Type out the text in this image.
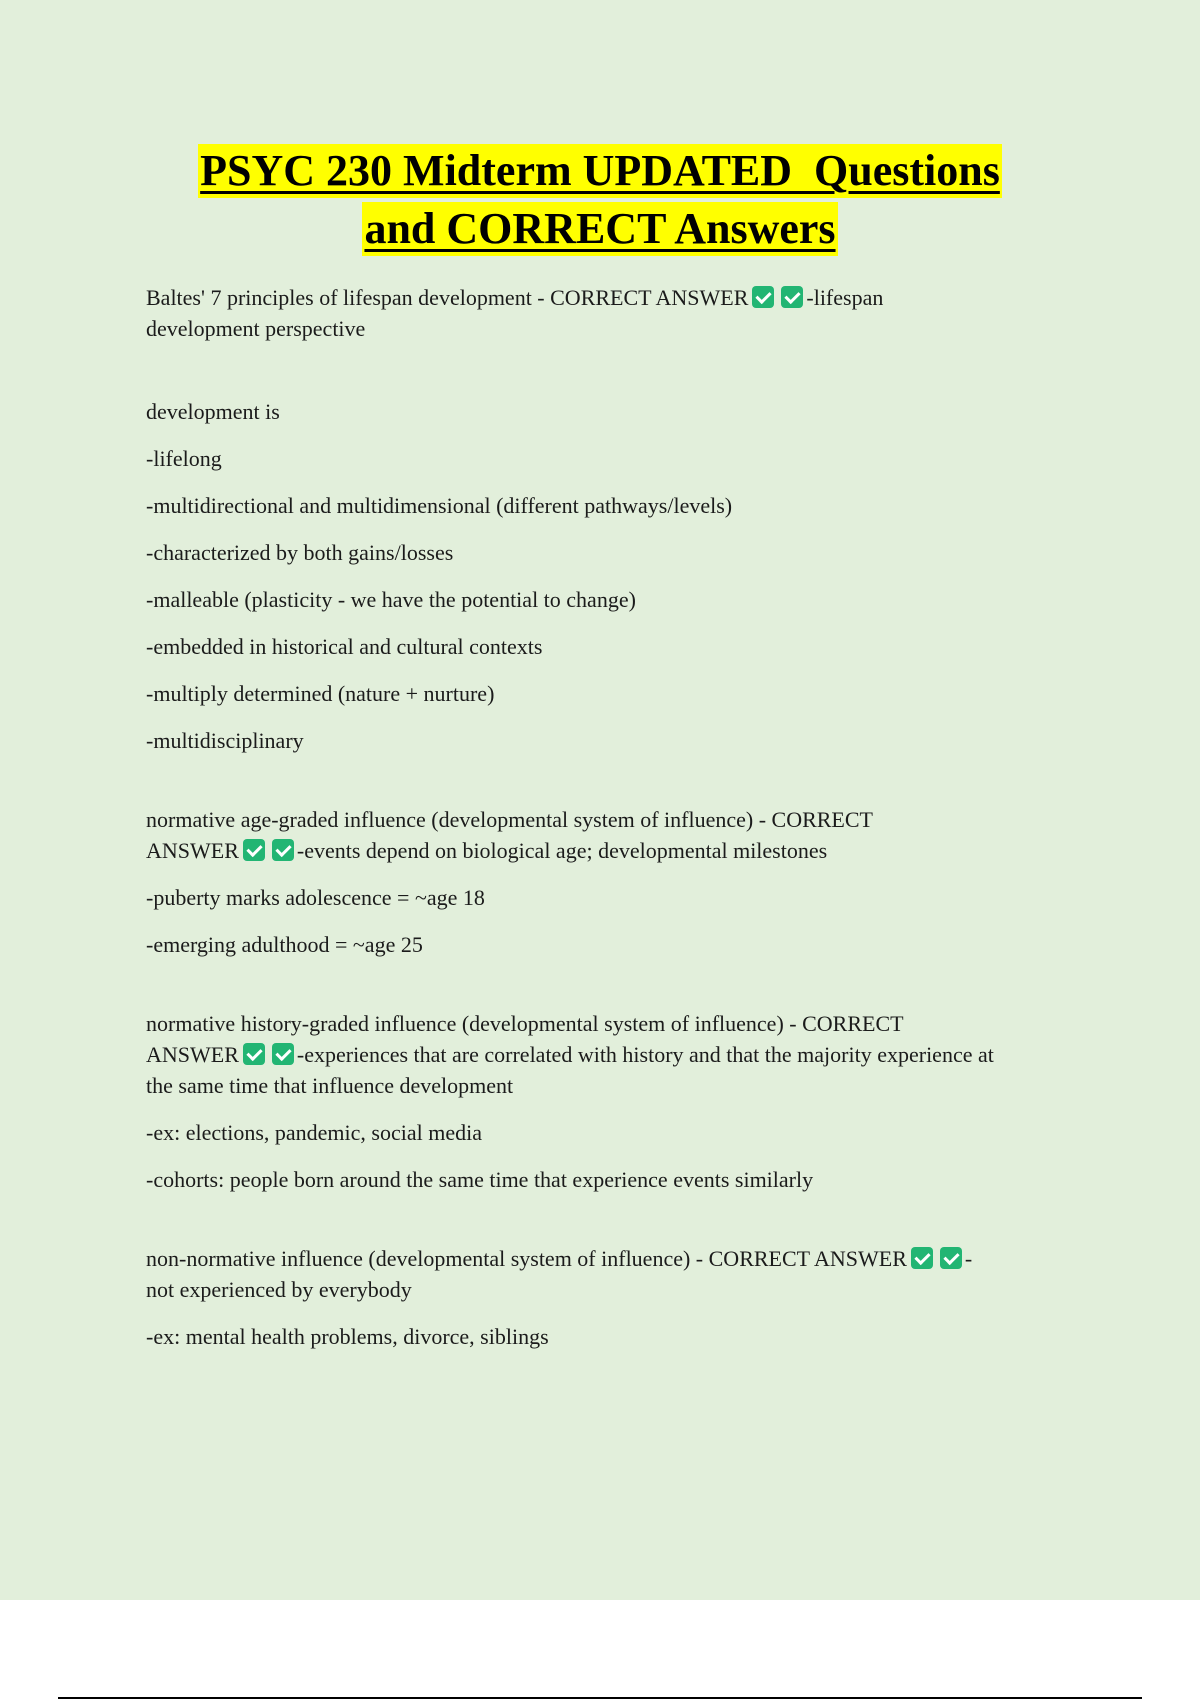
PSYC 230 Midterm UPDATED  Questions
and CORRECT Answers

Baltes' 7 principles of lifespan development - CORRECT ANSWER	-lifespan

development perspective

development is

-lifelong

-multidirectional and multidimensional (different pathways/levels)

-characterized by both gains/losses

-malleable (plasticity - we have the potential to change)

-embedded in historical and cultural contexts

-multiply determined (nature + nurture)

-multidisciplinary

normative age-graded influence (developmental system of influence) - CORRECT

ANSWER	-events depend on biological age; developmental milestones

-puberty marks adolescence = ~age 18

-emerging adulthood = ~age 25

normative history-graded influence (developmental system of influence) - CORRECT

ANSWER	-experiences that are correlated with history and that the majority experience at

the same time that influence development

-ex: elections, pandemic, social media

-cohorts: people born around the same time that experience events similarly

non-normative influence (developmental system of influence) - CORRECT ANSWER	-

not experienced by everybody

-ex: mental health problems, divorce, siblings
